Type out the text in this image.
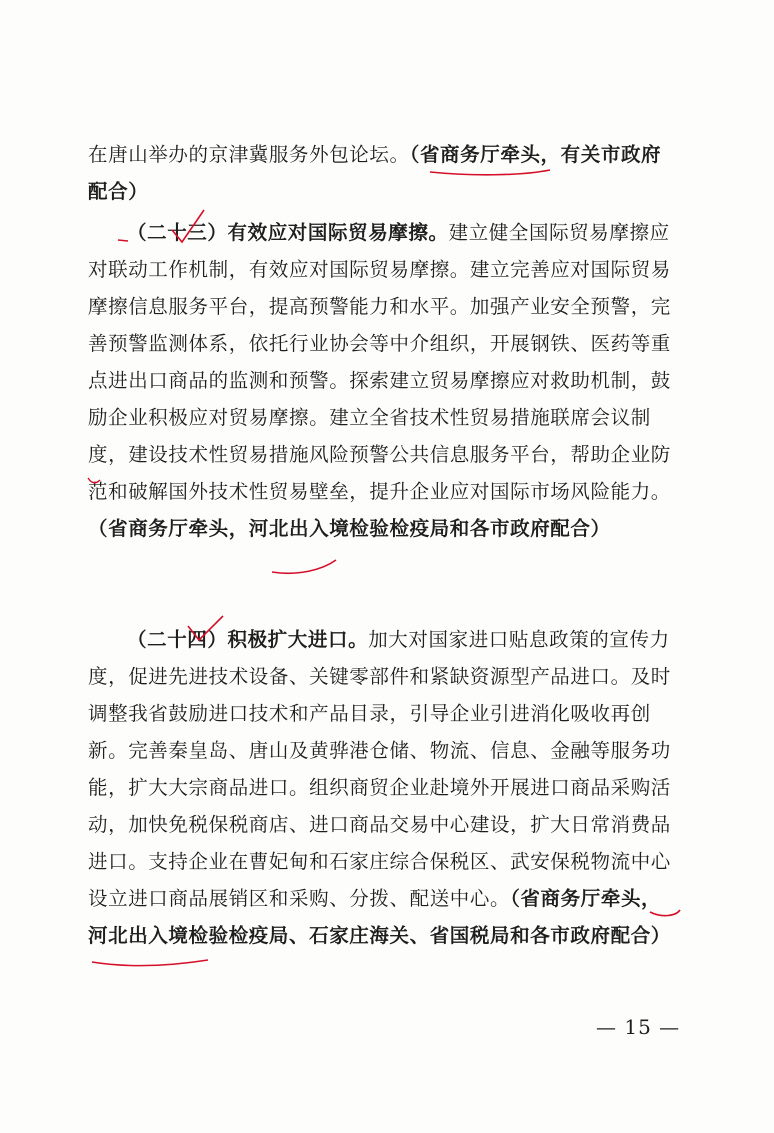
在唐山举办的京津冀服务外包论坛。（省商务厅牵头，有关市政府配合）

（二十三）有效应对国际贸易摩擦。建立健全国际贸易摩擦应对联动工作机制，有效应对国际贸易摩擦。建立完善应对国际贸易摩擦信息服务平台，提高预警能力和水平。加强产业安全预警，完善预警监测体系，依托行业协会等中介组织，开展钢铁、医药等重点进出口商品的监测和预警。探索建立贸易摩擦应对救助机制，鼓励企业积极应对贸易摩擦。建立全省技术性贸易措施联席会议制度，建设技术性贸易措施风险预警公共信息服务平台，帮助企业防范和破解国外技术性贸易壁垒，提升企业应对国际市场风险能力。（省商务厅牵头，河北出入境检验检疫局和各市政府配合）

（二十四）积极扩大进口。加大对国家进口贴息政策的宣传力度，促进先进技术设备、关键零部件和紧缺资源型产品进口。及时调整我省鼓励进口技术和产品目录，引导企业引进消化吸收再创新。完善秦皇岛、唐山及黄骅港仓储、物流、信息、金融等服务功能，扩大大宗商品进口。组织商贸企业赴境外开展进口商品采购活动，加快免税保税商店、进口商品交易中心建设，扩大日常消费品进口。支持企业在曹妃甸和石家庄综合保税区、武安保税物流中心设立进口商品展销区和采购、分拨、配送中心。（省商务厅牵头，河北出入境检验检疫局、石家庄海关、省国税局和各市政府配合）

— 15 —
